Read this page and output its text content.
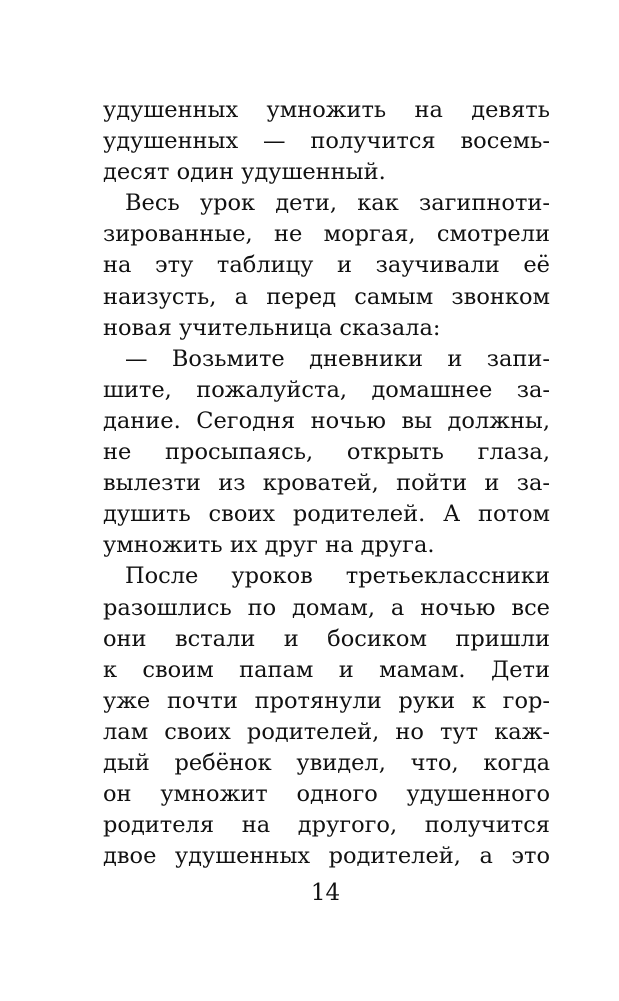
удушенных умножить на девять
удушенных — получится восемь-
десят один удушенный.
Весь урок дети, как загипноти-
зированные, не моргая, смотрели
на эту таблицу и заучивали её
наизусть, а перед самым звонком
новая учительница сказала:
— Возьмите дневники и запи-
шите, пожалуйста, домашнее за-
дание. Сегодня ночью вы должны,
не просыпаясь, открыть глаза,
вылезти из кроватей, пойти и за-
душить своих родителей. А потом
умножить их друг на друга.
После уроков третьеклассники
разошлись по домам, а ночью все
они встали и босиком пришли
к своим папам и мамам. Дети
уже почти протянули руки к гор-
лам своих родителей, но тут каж-
дый ребёнок увидел, что, когда
он умножит одного удушенного
родителя на другого, получится
двое удушенных родителей, а это
14
